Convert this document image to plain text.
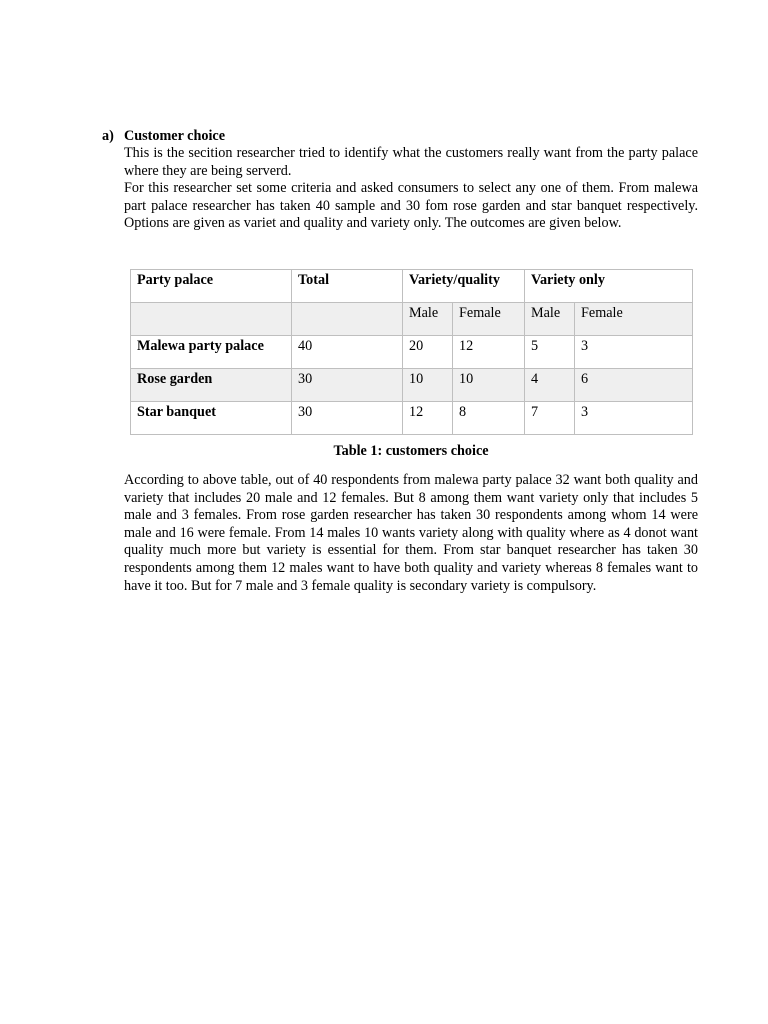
a) Customer choice

This is the secition researcher tried to identify what the customers really want from the party palace where they are being serverd.

For this researcher set some criteria and asked consumers to select any one of them. From malewa part palace researcher has taken 40 sample and 30 fom rose garden and star banquet respectively. Options are given as variet and quality and variety only. The outcomes are given below.

Party palace	Total	Variety/quality		Variety only	
		Male	Female	Male	Female
Malewa party palace	40	20	12	5	3
Rose garden	30	10	10	4	6
Star banquet	30	12	8	7	3
Table 1: customers choice

According to above table, out of 40 respondents from malewa party palace 32 want both quality and variety that includes 20 male and 12 females. But 8 among them want variety only that includes 5 male and 3 females. From rose garden researcher has taken 30 respondents among whom 14 were male and 16 were female. From 14 males 10 wants variety along with quality where as 4 donot want quality much more but variety is essential for them. From star banquet researcher has taken 30 respondents among them 12 males want to have both quality and variety whereas 8 females want to have it too. But for 7 male and 3 female quality is secondary variety is compulsory.
